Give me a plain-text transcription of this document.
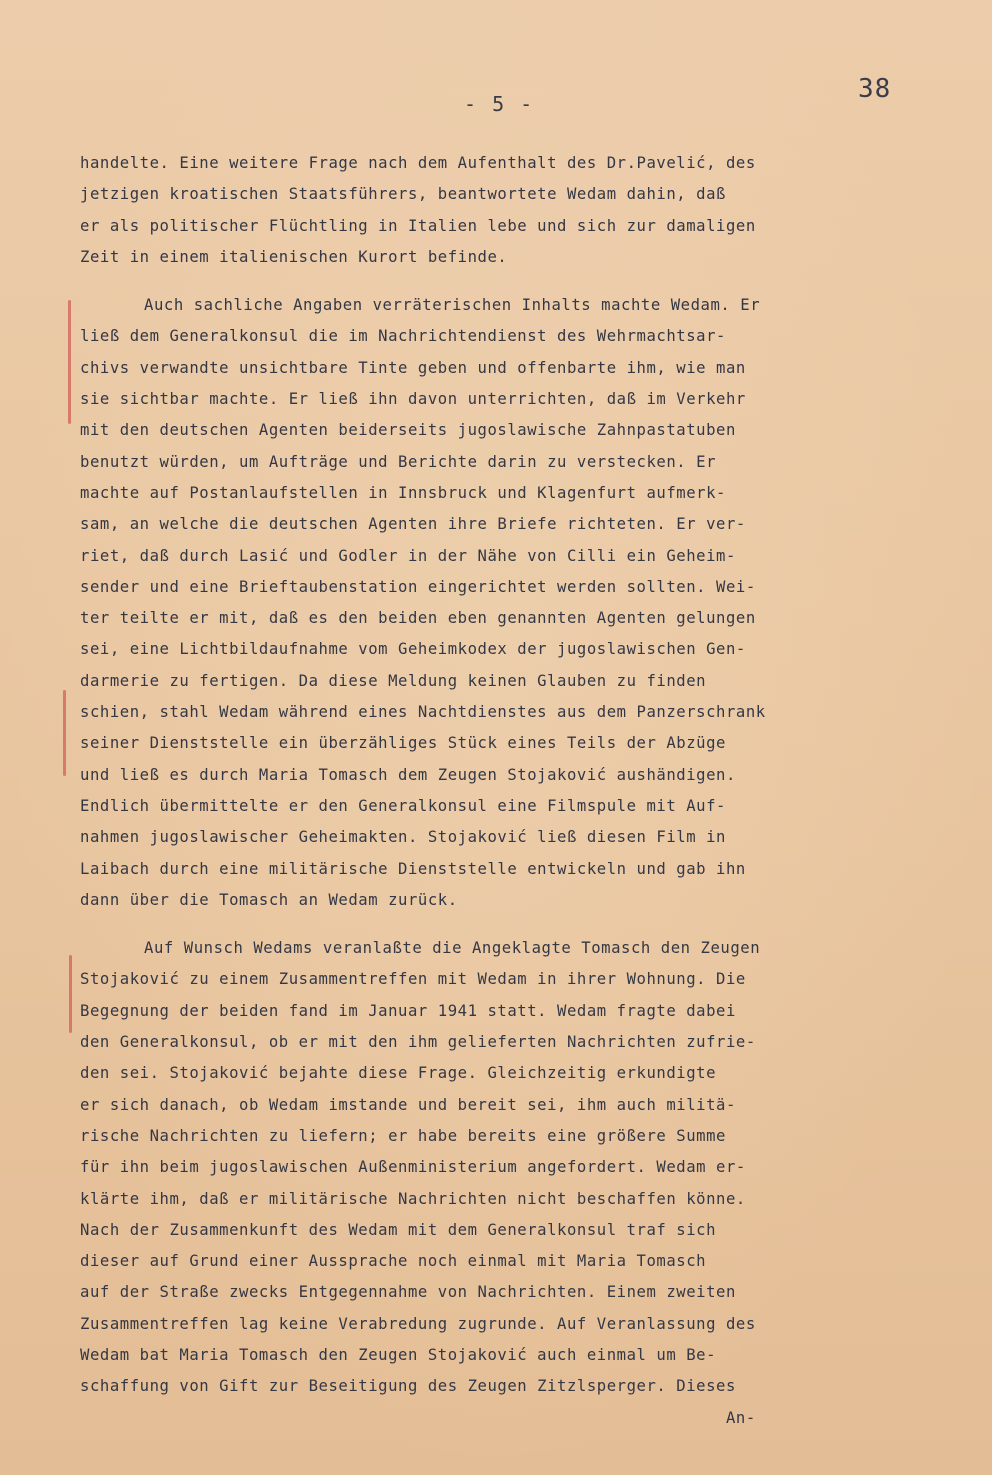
38
- 5 -
handelte. Eine weitere Frage nach dem Aufenthalt des Dr.Pavelić, des
jetzigen kroatischen Staatsführers, beantwortete Wedam dahin, daß
er als politischer Flüchtling in Italien lebe und sich zur damaligen
Zeit in einem italienischen Kurort befinde.
Auch sachliche Angaben verräterischen Inhalts machte Wedam. Er
ließ dem Generalkonsul die im Nachrichtendienst des Wehrmachtsar-
chivs verwandte unsichtbare Tinte geben und offenbarte ihm, wie man
sie sichtbar machte. Er ließ ihn davon unterrichten, daß im Verkehr
mit den deutschen Agenten beiderseits jugoslawische Zahnpastatuben
benutzt würden, um Aufträge und Berichte darin zu verstecken. Er
machte auf Postanlaufstellen in Innsbruck und Klagenfurt aufmerk-
sam, an welche die deutschen Agenten ihre Briefe richteten. Er ver-
riet, daß durch Lasić und Godler in der Nähe von Cilli ein Geheim-
sender und eine Brieftaubenstation eingerichtet werden sollten. Wei-
ter teilte er mit, daß es den beiden eben genannten Agenten gelungen
sei, eine Lichtbildaufnahme vom Geheimkodex der jugoslawischen Gen-
darmerie zu fertigen. Da diese Meldung keinen Glauben zu finden
schien, stahl Wedam während eines Nachtdienstes aus dem Panzerschrank
seiner Dienststelle ein überzähliges Stück eines Teils der Abzüge
und ließ es durch Maria Tomasch dem Zeugen Stojaković aushändigen.
Endlich übermittelte er den Generalkonsul eine Filmspule mit Auf-
nahmen jugoslawischer Geheimakten. Stojaković ließ diesen Film in
Laibach durch eine militärische Dienststelle entwickeln und gab ihn
dann über die Tomasch an Wedam zurück.
Auf Wunsch Wedams veranlaßte die Angeklagte Tomasch den Zeugen
Stojaković zu einem Zusammentreffen mit Wedam in ihrer Wohnung. Die
Begegnung der beiden fand im Januar 1941 statt. Wedam fragte dabei
den Generalkonsul, ob er mit den ihm gelieferten Nachrichten zufrie-
den sei. Stojaković bejahte diese Frage. Gleichzeitig erkundigte
er sich danach, ob Wedam imstande und bereit sei, ihm auch militä-
rische Nachrichten zu liefern; er habe bereits eine größere Summe
für ihn beim jugoslawischen Außenministerium angefordert. Wedam er-
klärte ihm, daß er militärische Nachrichten nicht beschaffen könne.
Nach der Zusammenkunft des Wedam mit dem Generalkonsul traf sich
dieser auf Grund einer Aussprache noch einmal mit Maria Tomasch
auf der Straße zwecks Entgegennahme von Nachrichten. Einem zweiten
Zusammentreffen lag keine Verabredung zugrunde. Auf Veranlassung des
Wedam bat Maria Tomasch den Zeugen Stojaković auch einmal um Be-
schaffung von Gift zur Beseitigung des Zeugen Zitzlsperger. Dieses
An-
